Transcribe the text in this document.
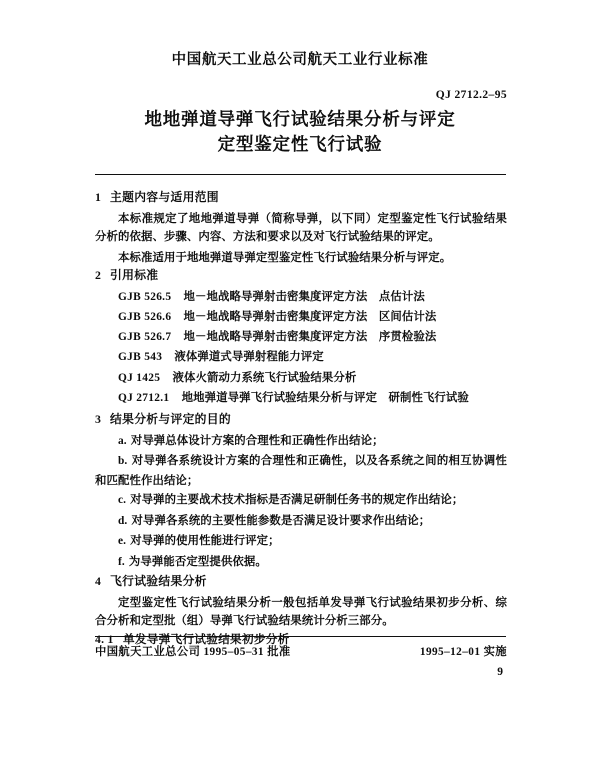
中国航天工业总公司航天工业行业标准
QJ 2712.2–95
地地弹道导弹飞行试验结果分析与评定
定型鉴定性飞行试验
1 主题内容与适用范围

本标准规定了地地弹道导弹（简称导弹，以下同）定型鉴定性飞行试验结果分析的依据、步骤、内容、方法和要求以及对飞行试验结果的评定。

本标准适用于地地弹道导弹定型鉴定性飞行试验结果分析与评定。

2 引用标准
GJB 526.5 地－地战略导弹射击密集度评定方法　点估计法
GJB 526.6 地－地战略导弹射击密集度评定方法　区间估计法
GJB 526.7 地－地战略导弹射击密集度评定方法　序贯检验法
GJB 543 液体弹道式导弹射程能力评定
QJ 1425 液体火箭动力系统飞行试验结果分析
QJ 2712.1 地地弹道导弹飞行试验结果分析与评定　研制性飞行试验
3 结果分析与评定的目的
a. 对导弹总体设计方案的合理性和正确性作出结论；
b. 对导弹各系统设计方案的合理性和正确性，以及各系统之间的相互协调性和匹配性作出结论；
c. 对导弹的主要战术技术指标是否满足研制任务书的规定作出结论；
d. 对导弹各系统的主要性能参数是否满足设计要求作出结论；
e. 对导弹的使用性能进行评定；
f. 为导弹能否定型提供依据。
4 飞行试验结果分析

定型鉴定性飞行试验结果分析一般包括单发导弹飞行试验结果初步分析、综合分析和定型批（组）导弹飞行试验结果统计分析三部分。

4. 1 单发导弹飞行试验结果初步分析
中国航天工业总公司 1995–05–31 批准	1995–12–01 实施
9
